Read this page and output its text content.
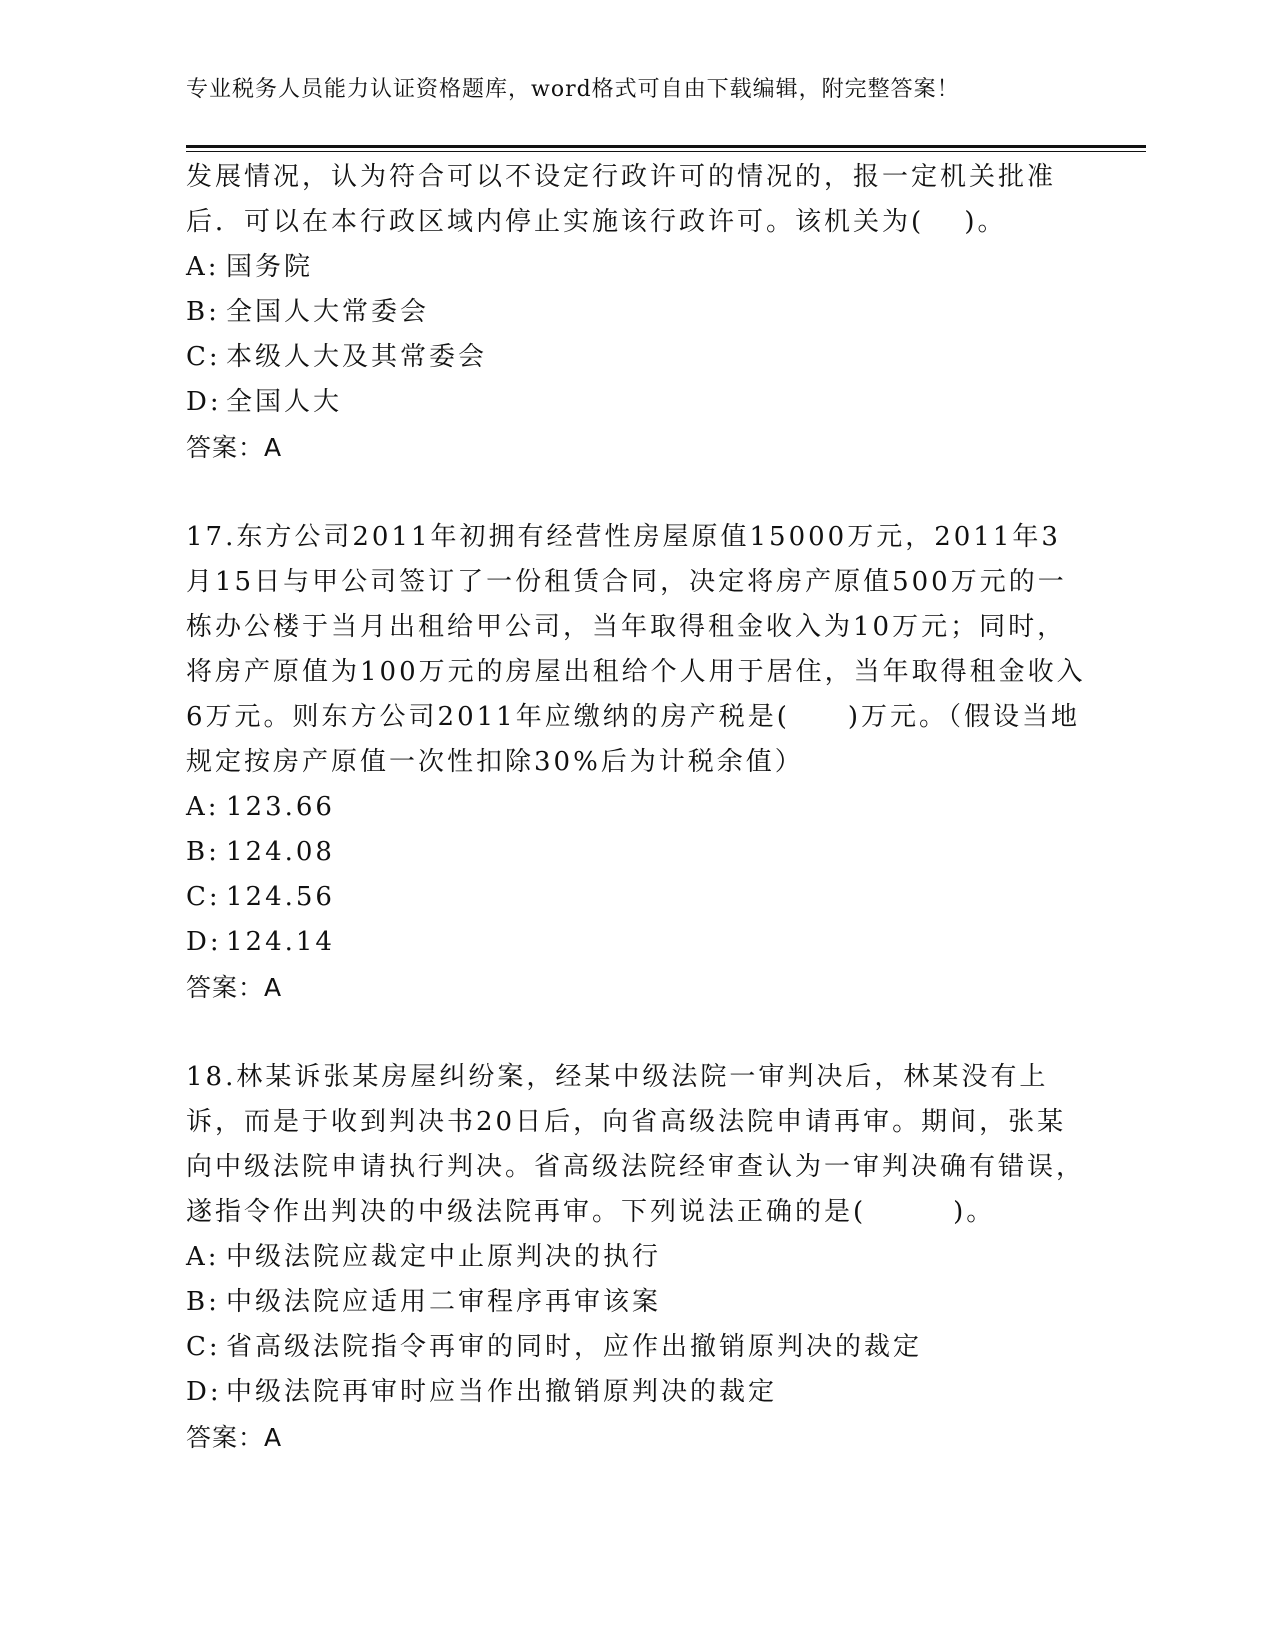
专业税务人员能力认证资格题库，word格式可自由下载编辑，附完整答案！

发展情况，认为符合可以不设定行政许可的情况的，报一定机关批准后．可以在本行政区域内停止实施该行政许可。该机关为(　 )。

A: 国务院
B: 全国人大常委会
C: 本级人大及其常委会
D: 全国人大
答案：A

17.东方公司2011年初拥有经营性房屋原值15000万元，2011年3月15日与甲公司签订了一份租赁合同，决定将房产原值500万元的一栋办公楼于当月出租给甲公司，当年取得租金收入为10万元；同时，将房产原值为100万元的房屋出租给个人用于居住，当年取得租金收入6万元。则东方公司2011年应缴纳的房产税是(　　)万元。（假设当地规定按房产原值一次性扣除30%后为计税余值）

A: 123.66
B: 124.08
C: 124.56
D: 124.14
答案：A

18.林某诉张某房屋纠纷案，经某中级法院一审判决后，林某没有上诉，而是于收到判决书20日后，向省高级法院申请再审。期间，张某向中级法院申请执行判决。省高级法院经审查认为一审判决确有错误，遂指令作出判决的中级法院再审。下列说法正确的是(　　　)。

A: 中级法院应裁定中止原判决的执行
B: 中级法院应适用二审程序再审该案
C: 省高级法院指令再审的同时，应作出撤销原判决的裁定
D: 中级法院再审时应当作出撤销原判决的裁定
答案：A
